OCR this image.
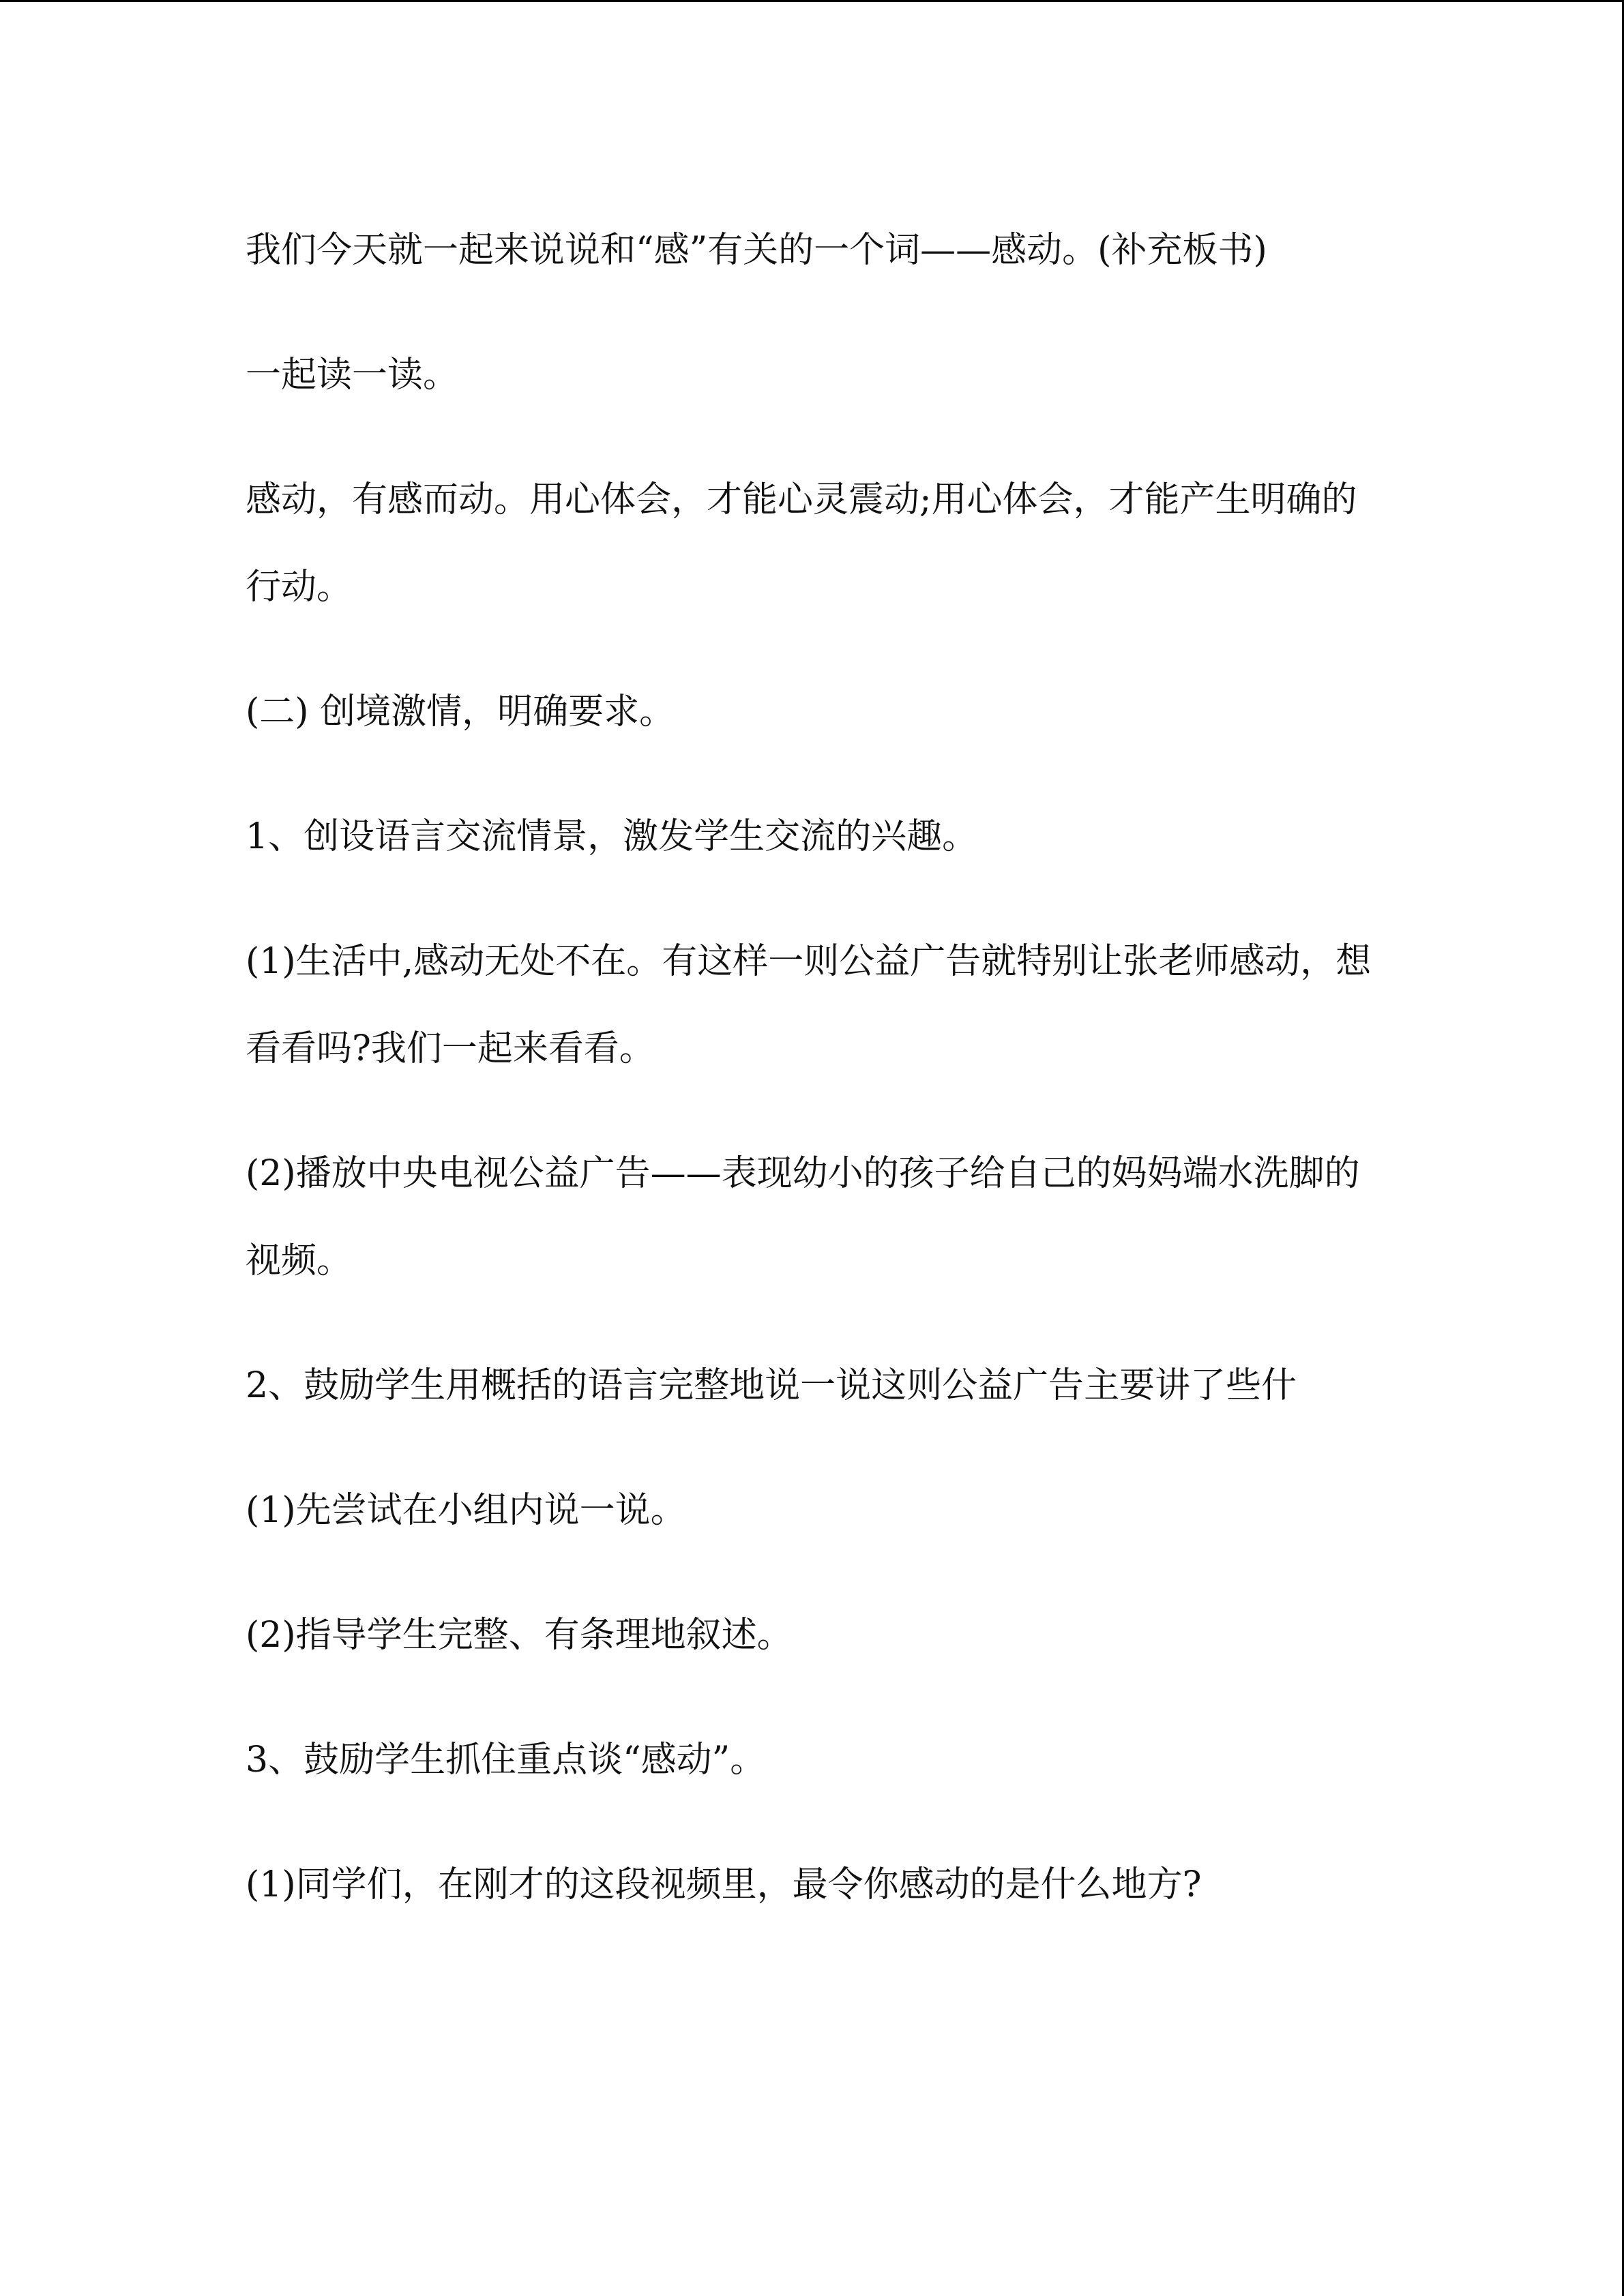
我们今天就一起来说说和“感”有关的一个词——感动。(补充板书)

一起读一读。

感动，有感而动。用心体会，才能心灵震动;用心体会，才能产生明确的行动。

(二) 创境激情，明确要求。

1、创设语言交流情景，激发学生交流的兴趣。

(1)生活中,感动无处不在。有这样一则公益广告就特别让张老师感动，想看看吗?我们一起来看看。

(2)播放中央电视公益广告——表现幼小的孩子给自己的妈妈端水洗脚的视频。

2、鼓励学生用概括的语言完整地说一说这则公益广告主要讲了些什

(1)先尝试在小组内说一说。

(2)指导学生完整、有条理地叙述。

3、鼓励学生抓住重点谈“感动”。

(1)同学们，在刚才的这段视频里，最令你感动的是什么地方?
